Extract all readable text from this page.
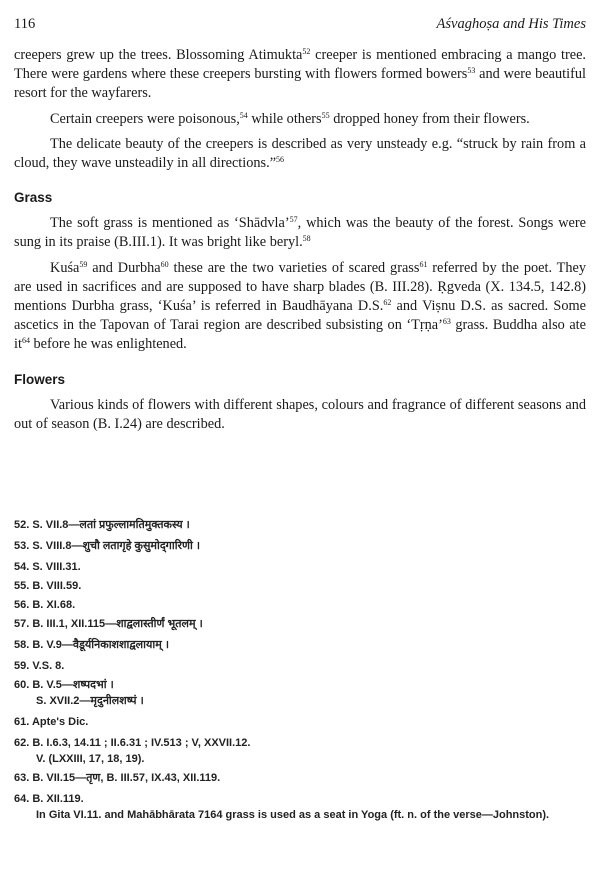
116	Aśvaghoṣa and His Times

creepers grew up the trees. Blossoming Atimukta$^{52}$ creeper is mentioned embracing a mango tree. There were gardens where these creepers bursting with flowers formed bowers$^{53}$ and were beautiful resort for the wayfarers.

Certain creepers were poisonous,$^{54}$ while others$^{55}$ dropped honey from their flowers.

The delicate beauty of the creepers is described as very unsteady e.g. “struck by rain from a cloud, they wave unsteadily in all directions.”$^{56}$

Grass

The soft grass is mentioned as ‘Shādvla’$^{57}$, which was the beauty of the forest. Songs were sung in its praise (B.III.1). It was bright like beryl.$^{58}$

Kuśa$^{59}$ and Durbha$^{60}$ these are the two varieties of scared grass$^{61}$ referred by the poet. They are used in sacrifices and are supposed to have sharp blades (B. III.28). Ṛgveda (X. 134.5, 142.8) mentions Durbha grass, ‘Kuśa’ is referred in Baudhāyana D.S.$^{62}$ and Viṣnu D.S. as sacred. Some ascetics in the Tapovan of Tarai region are described subsisting on ‘Tṛṇa’$^{63}$ grass. Buddha also ate $it^{64}$ before he was enlightened.

Flowers

Various kinds of flowers with different shapes, colours and fragrance of different seasons and out of season (B. I.24) are described.

52. S. VII.8—लतां प्रफुल्लामतिमुक्तकस्य ।
53. S. VIII.8—शुचौ लतागृहे कुसुमोद्‌गारिणी ।
54. S. VIII.31.
55. B. VIII.59.
56. B. XI.68.
57. B. III.1, XII.115—शाद्वलास्तीर्णं भूतलम् ।
58. B. V.9—वैडूर्यनिकाशशाद्वलायाम् ।
59. V.S. 8.
60. B. V.5—शष्पदभां ।
S. XVII.2—मृदुनीलशष्पं ।
61. Apte's Dic.
62. B. I.6.3, 14.11 ; II.6.31 ; IV.513 ; V, XXVII.12.
V. (LXXIII, 17, 18, 19).
63. B. VII.15—तृण, B. III.57, IX.43, XII.119.
64. B. XII.119.
In Gita VI.11. and Mahābhārata 7164 grass is used as a seat in Yoga (ft. n. of the verse—Johnston).
